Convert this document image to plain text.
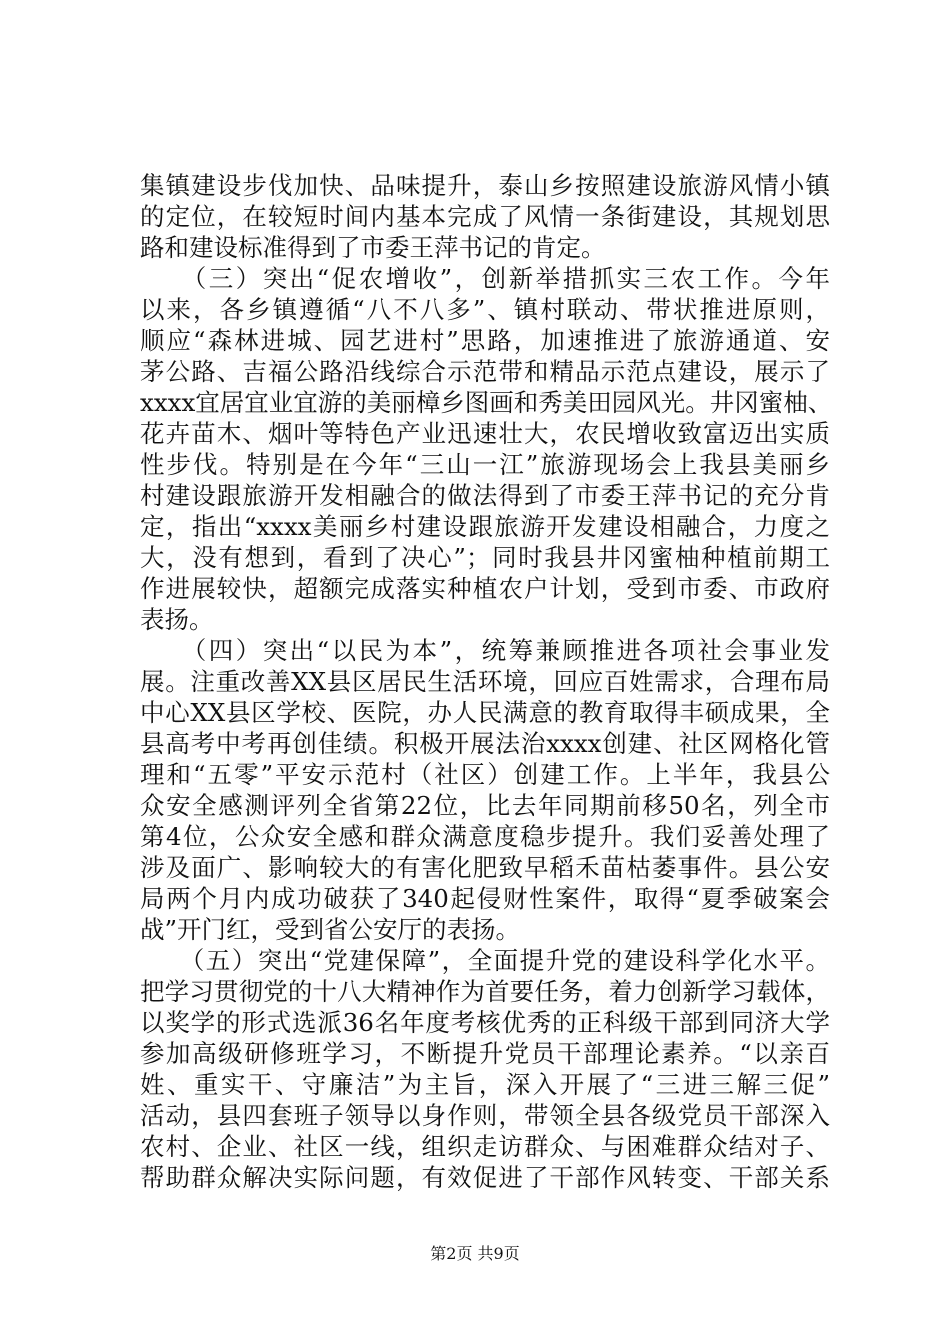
集镇建设步伐加快、品味提升，泰山乡按照建设旅游风情小镇
的定位，在较短时间内基本完成了风情一条街建设，其规划思
路和建设标准得到了市委王萍书记的肯定。
　　（三）突出“促农增收”，创新举措抓实三农工作。今年
以来，各乡镇遵循“八不八多”、镇村联动、带状推进原则，
顺应“森林进城、园艺进村”思路，加速推进了旅游通道、安
茅公路、吉福公路沿线综合示范带和精品示范点建设，展示了
xxxx宜居宜业宜游的美丽樟乡图画和秀美田园风光。井冈蜜柚、
花卉苗木、烟叶等特色产业迅速壮大，农民增收致富迈出实质
性步伐。特别是在今年“三山一江”旅游现场会上我县美丽乡
村建设跟旅游开发相融合的做法得到了市委王萍书记的充分肯
定，指出“xxxx美丽乡村建设跟旅游开发建设相融合，力度之
大，没有想到，看到了决心”；同时我县井冈蜜柚种植前期工
作进展较快，超额完成落实种植农户计划，受到市委、市政府
表扬。
　　（四）突出“以民为本”，统筹兼顾推进各项社会事业发
展。注重改善XX县区居民生活环境，回应百姓需求，合理布局
中心XX县区学校、医院，办人民满意的教育取得丰硕成果，全
县高考中考再创佳绩。积极开展法治xxxx创建、社区网格化管
理和“五零”平安示范村（社区）创建工作。上半年，我县公
众安全感测评列全省第22位，比去年同期前移50名，列全市
第4位，公众安全感和群众满意度稳步提升。我们妥善处理了
涉及面广、影响较大的有害化肥致早稻禾苗枯萎事件。县公安
局两个月内成功破获了340起侵财性案件，取得“夏季破案会
战”开门红，受到省公安厅的表扬。
　　（五）突出“党建保障”，全面提升党的建设科学化水平。
把学习贯彻党的十八大精神作为首要任务，着力创新学习载体，
以奖学的形式选派36名年度考核优秀的正科级干部到同济大学
参加高级研修班学习，不断提升党员干部理论素养。“以亲百
姓、重实干、守廉洁”为主旨，深入开展了“三进三解三促”
活动，县四套班子领导以身作则，带领全县各级党员干部深入
农村、企业、社区一线，组织走访群众、与困难群众结对子、
帮助群众解决实际问题，有效促进了干部作风转变、干部关系
第2页 共9页
